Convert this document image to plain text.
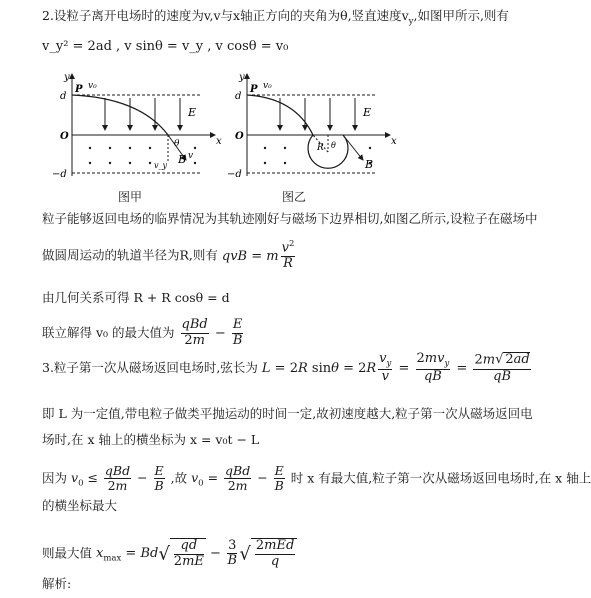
2.设粒子离开电场时的速度为v,v与x轴正方向的夹角为θ,竖直速度$v_y$,如图甲所示,则有
v_y² = 2ad , v sinθ = v_y , v cosθ = v₀
y
x
O
d
−d
P v₀
E
B
θ
v
v_y
图甲
y
x
O
d
−d
P v₀
E
B
R θ
图乙
粒子能够返回电场的临界情况为其轨迹刚好与磁场下边界相切,如图乙所示,设粒子在磁场中
做圆周运动的轨道半径为R,则有 qvB = m $\frac{v^2}{R}$
由几何关系可得 R + R cosθ = d
联立解得 v₀ 的最大值为 $\frac{\text{qBd}}{2m} - \frac{E}{B}$
3.粒子第一次从磁场返回电场时,弦长为 L = 2R $\sin\theta = 2R \frac{v_y}{v} = \frac{2mv_y}{qB} = \frac{2m√ 2ad}{qB}$
即 L 为一定值,带电粒子做类平抛运动的时间一定,故初速度越大,粒子第一次从磁场返回电
场时,在 x 轴上的横坐标为 x = v₀t − L
因为 $v_0 \le \frac{\text{qBd}}{2m} - \frac{E}{B}$ ,故 $v_0 = \frac{\text{qBd}}{2m} - \frac{E}{B}$ 时 x 有最大值,粒子第一次从磁场返回电场时,在 x 轴上
的横坐标最大
则最大值 $x_{max} = Bd√ \frac{qd}{2mE} - \frac{3}{B}$ √ $\frac{\text{2mEd}}{q}$
解析:
